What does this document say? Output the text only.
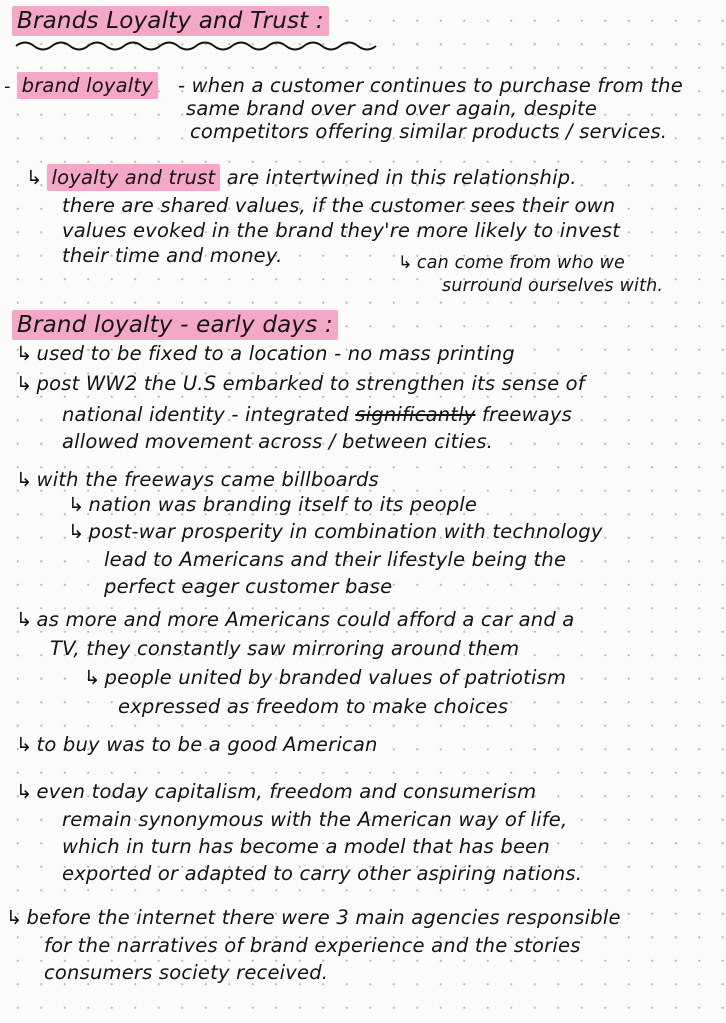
Brands Loyalty and Trust :
- brand loyalty - when a customer continues to purchase from the
same brand over and over again, despite
competitors offering similar products / services.
↳ loyalty and trust are intertwined in this relationship.
there are shared values, if the customer sees their own
values evoked in the brand they're more likely to invest
their time and money.	↳ can come from who we
surround ourselves with.
Brand loyalty - early days :
↳ used to be fixed to a location - no mass printing
↳ post WW2 the U.S embarked to strengthen its sense of
national identity - integrated significantly freeways
allowed movement across / between cities.
↳ with the freeways came billboards
↳ nation was branding itself to its people
↳ post-war prosperity in combination with technology
lead to Americans and their lifestyle being the
perfect eager customer base
↳ as more and more Americans could afford a car and a
TV, they constantly saw mirroring around them
↳ people united by branded values of patriotism
expressed as freedom to make choices
↳ to buy was to be a good American
↳ even today capitalism, freedom and consumerism
remain synonymous with the American way of life,
which in turn has become a model that has been
exported or adapted to carry other aspiring nations.
↳ before the internet there were 3 main agencies responsible
for the narratives of brand experience and the stories
consumers society received.
